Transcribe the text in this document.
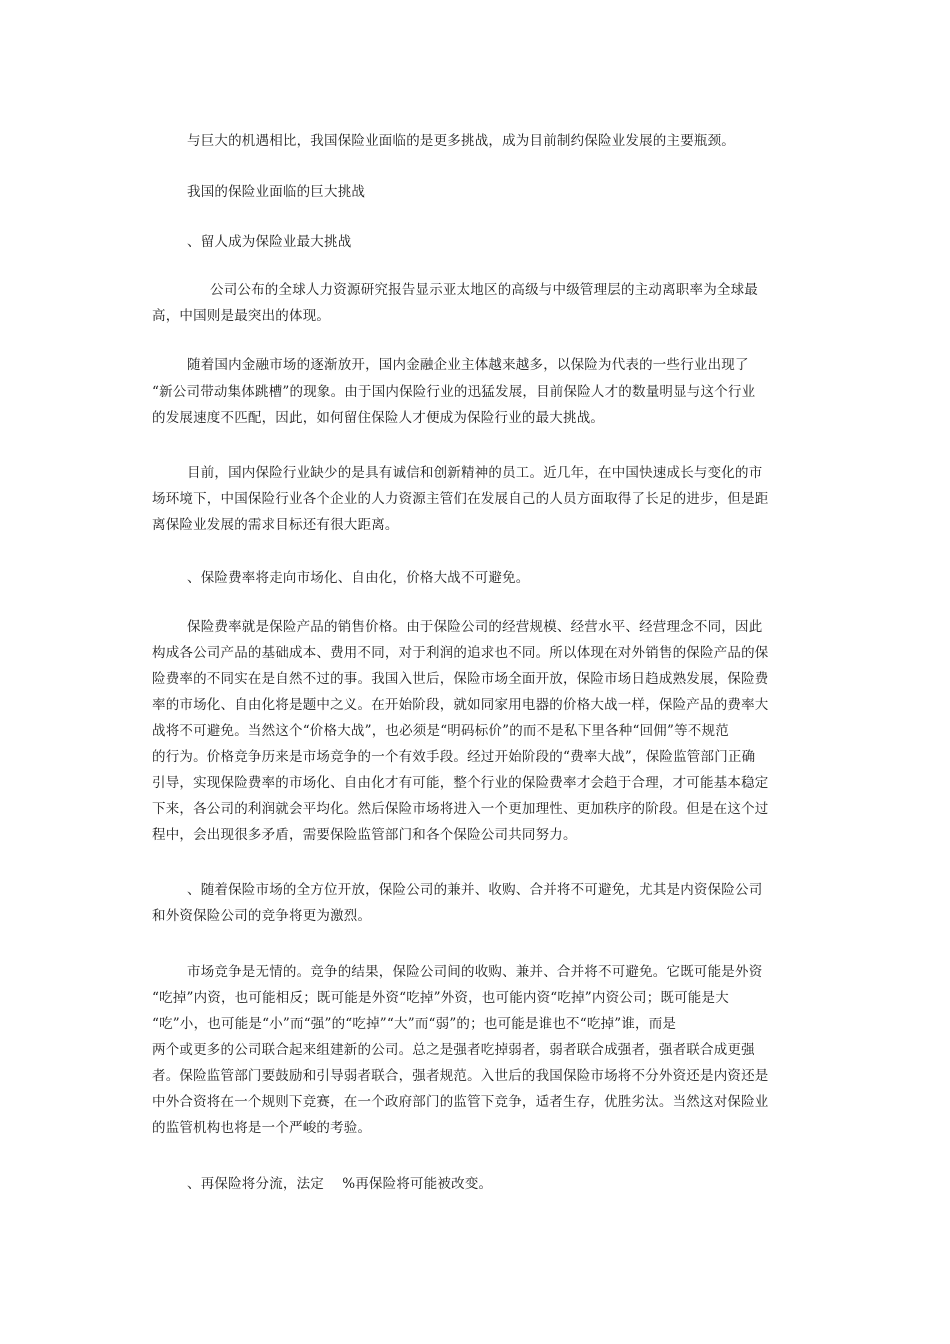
与巨大的机遇相比，我国保险业面临的是更多挑战，成为目前制约保险业发展的主要瓶颈。
我国的保险业面临的巨大挑战
、留人成为保险业最大挑战
公司公布的全球人力资源研究报告显示亚太地区的高级与中级管理层的主动离职率为全球最
高，中国则是最突出的体现。
随着国内金融市场的逐渐放开，国内金融企业主体越来越多，以保险为代表的一些行业出现了
“新公司带动集体跳槽”的现象。由于国内保险行业的迅猛发展，目前保险人才的数量明显与这个行业
的发展速度不匹配，因此，如何留住保险人才便成为保险行业的最大挑战。
目前，国内保险行业缺少的是具有诚信和创新精神的员工。近几年，在中国快速成长与变化的市
场环境下，中国保险行业各个企业的人力资源主管们在发展自己的人员方面取得了长足的进步，但是距
离保险业发展的需求目标还有很大距离。
、保险费率将走向市场化、自由化，价格大战不可避免。
保险费率就是保险产品的销售价格。由于保险公司的经营规模、经营水平、经营理念不同，因此
构成各公司产品的基础成本、费用不同，对于利润的追求也不同。所以体现在对外销售的保险产品的保
险费率的不同实在是自然不过的事。我国入世后，保险市场全面开放，保险市场日趋成熟发展，保险费
率的市场化、自由化将是题中之义。在开始阶段，就如同家用电器的价格大战一样，保险产品的费率大
战将不可避免。当然这个“价格大战”，也必须是“明码标价”的而不是私下里各种“回佣”等不规范
的行为。价格竞争历来是市场竞争的一个有效手段。经过开始阶段的“费率大战”，保险监管部门正确
引导，实现保险费率的市场化、自由化才有可能，整个行业的保险费率才会趋于合理，才可能基本稳定
下来，各公司的利润就会平均化。然后保险市场将进入一个更加理性、更加秩序的阶段。但是在这个过
程中，会出现很多矛盾，需要保险监管部门和各个保险公司共同努力。
、随着保险市场的全方位开放，保险公司的兼并、收购、合并将不可避免，尤其是内资保险公司
和外资保险公司的竞争将更为激烈。
市场竞争是无情的。竞争的结果，保险公司间的收购、兼并、合并将不可避免。它既可能是外资
“吃掉”内资，也可能相反；既可能是外资“吃掉”外资，也可能内资“吃掉”内资公司；既可能是大
“吃”小，也可能是“小”而“强”的“吃掉”“大”而“弱”的；也可能是谁也不“吃掉”谁，而是
两个或更多的公司联合起来组建新的公司。总之是强者吃掉弱者，弱者联合成强者，强者联合成更强
者。保险监管部门要鼓励和引导弱者联合，强者规范。入世后的我国保险市场将不分外资还是内资还是
中外合资将在一个规则下竞赛，在一个政府部门的监管下竞争，适者生存，优胜劣汰。当然这对保险业
的监管机构也将是一个严峻的考验。
、再保险将分流，法定　 %再保险将可能被改变。
